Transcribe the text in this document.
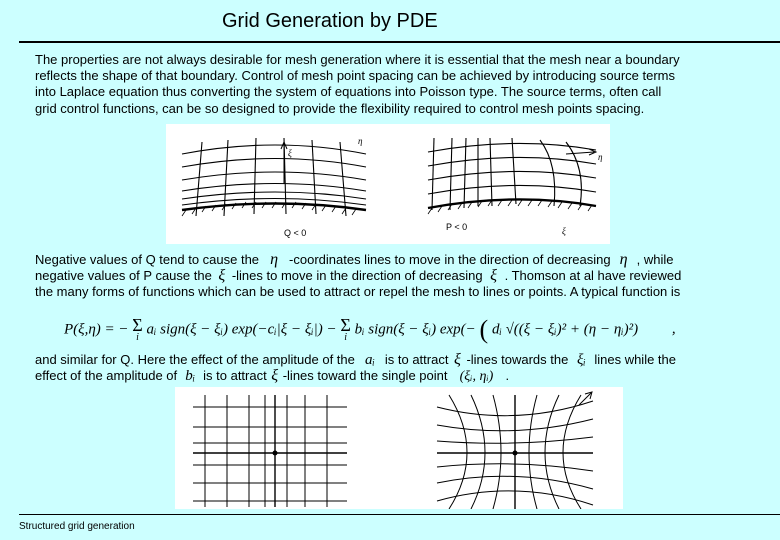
Grid Generation by PDE
The properties are not always desirable for mesh generation where it is essential that the mesh near a boundary
reflects the shape of that boundary. Control of mesh point spacing can be achieved by introducing source terms
into Laplace equation thus converting the system of equations into Poisson type. The source terms, often call
grid control functions, can be so designed to provide the flexibility required to control mesh points spacing.
ξ
η
Q < 0
η
ξ
P < 0
Negative values of Q tend to cause the η -coordinates lines to move in the direction of decreasing η , while
negative values of P cause the ξ -lines to move in the direction of decreasing ξ . Thomson at al have reviewed
the many forms of functions which can be used to attract or repel the mesh to lines or points. A typical function is
P(ξ,η) = − Σ
i
aᵢ sign(ξ − ξᵢ) exp(−cᵢ|ξ − ξᵢ|) − Σ
i
bᵢ sign(ξ − ξᵢ) exp(− ( dᵢ √((ξ − ξᵢ)² + (η − ηᵢ)²) ,
and similar for Q. Here the effect of the amplitude of the aᵢ is to attract ξ -lines towards the ξᵢ lines while the
effect of the amplitude of bᵢ is to attract ξ -lines toward the single point (ξᵢ, ηᵢ) .
Structured grid generation
